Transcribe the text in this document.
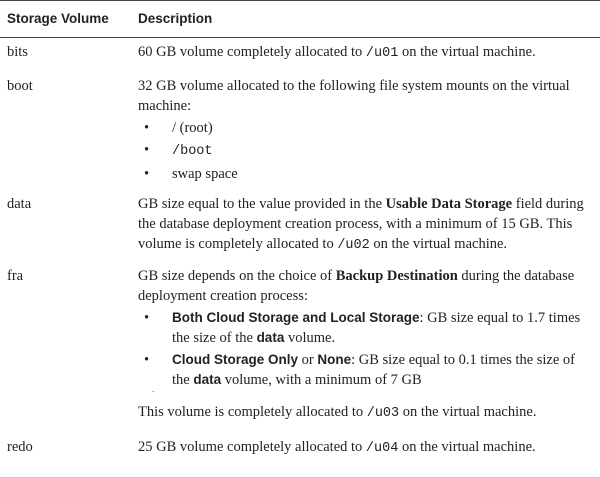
Storage Volume Description
bits	60 GB volume completely allocated to /u01 on the virtual machine.
boot	32 GB volume allocated to the following file system mounts on the virtual machine:
• / (root)
• /boot
• swap space
data	GB size equal to the value provided in the Usable Data Storage field during the database deployment creation process, with a minimum of 15 GB. This volume is completely allocated to /u02 on the virtual machine.
fra	GB size depends on the choice of Backup Destination during the database deployment creation process:
• Both Cloud Storage and Local Storage: GB size equal to 1.7 times the size of the data volume.
• Cloud Storage Only or None: GB size equal to 0.1 times the size of the data volume, with a minimum of 7 GB
.
This volume is completely allocated to /u03 on the virtual machine.
redo	25 GB volume completely allocated to /u04 on the virtual machine.
